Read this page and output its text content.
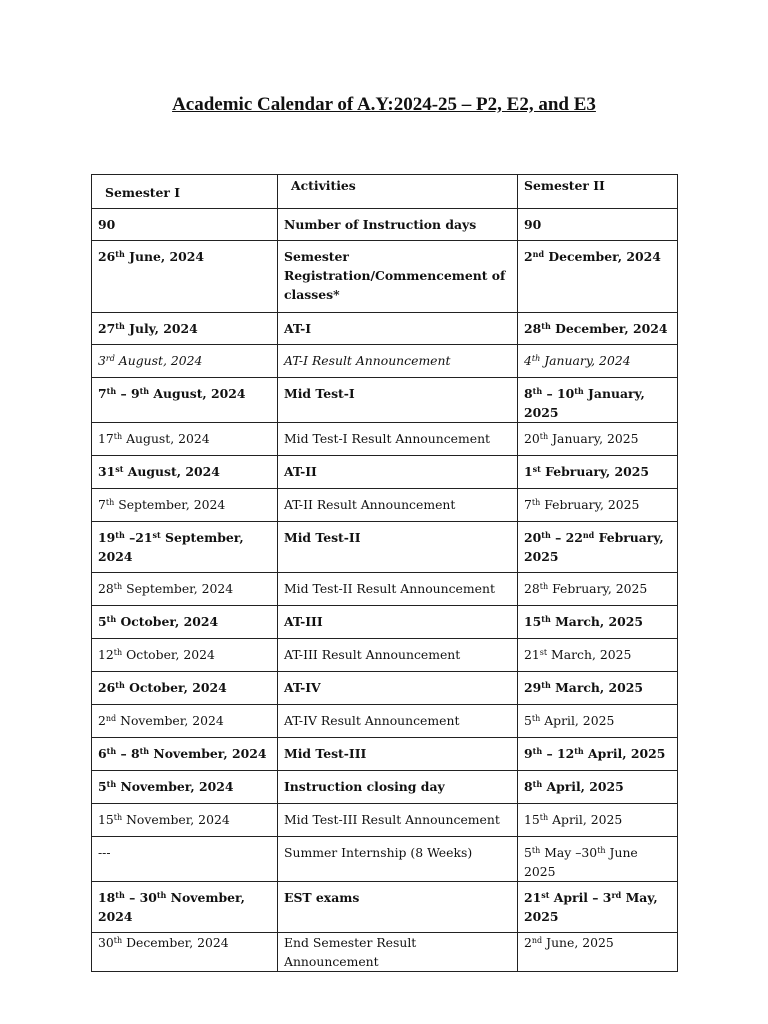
Academic Calendar of A.Y:2024-25 – P2, E2, and E3
Semester I	Activities	Semester II
90	Number of Instruction days	90
26th June, 2024	Semester Registration/Commencement of classes*	2nd December, 2024
27th July, 2024	AT-I	28th December, 2024
3rd August, 2024	AT-I Result Announcement	4th January, 2024
7th – 9th August, 2024	Mid Test-I	8th – 10th January, 2025
17th August, 2024	Mid Test-I Result Announcement	20th January, 2025
31st August, 2024	AT-II	1st February, 2025
7th September, 2024	AT-II Result Announcement	7th February, 2025
19th –21st September, 2024	Mid Test-II	20th – 22nd February, 2025
28th September, 2024	Mid Test-II Result Announcement	28th February, 2025
5th October, 2024	AT-III	15th March, 2025
12th October, 2024	AT-III Result Announcement	21st March, 2025
26th October, 2024	AT-IV	29th March, 2025
2nd November, 2024	AT-IV Result Announcement	5th April, 2025
6th – 8th November, 2024	Mid Test-III	9th – 12th April, 2025
5th November, 2024	Instruction closing day	8th April, 2025
15th November, 2024	Mid Test-III Result Announcement	15th April, 2025
---	Summer Internship (8 Weeks)	5th May –30th June 2025
18th – 30th November, 2024	EST exams	21st April – 3rd May, 2025
30th December, 2024	End Semester Result Announcement	2nd June, 2025
